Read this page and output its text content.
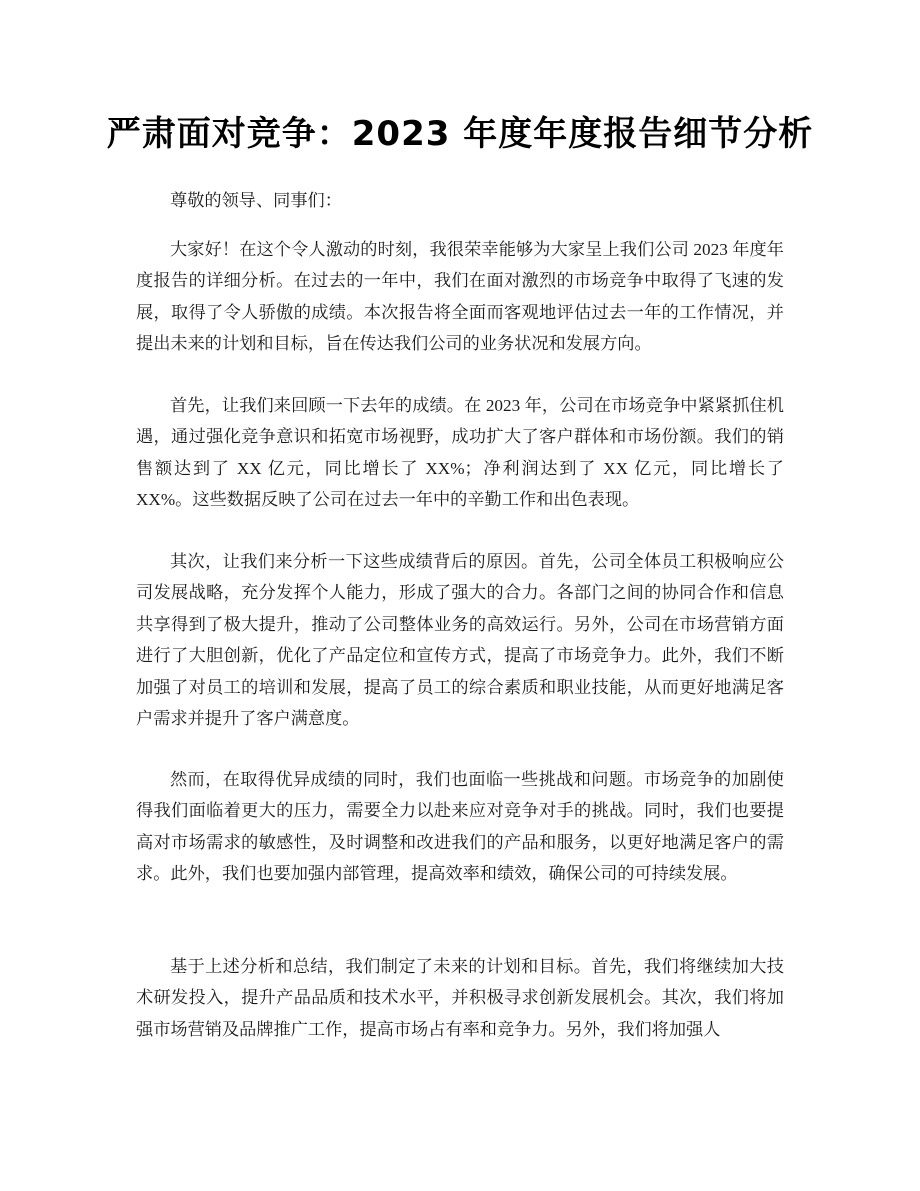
严肃面对竞争：2023 年度年度报告细节分析

尊敬的领导、同事们：

大家好！在这个令人激动的时刻，我很荣幸能够为大家呈上我们公司 2023 年度年度报告的详细分析。在过去的一年中，我们在面对激烈的市场竞争中取得了飞速的发展，取得了令人骄傲的成绩。本次报告将全面而客观地评估过去一年的工作情况，并提出未来的计划和目标，旨在传达我们公司的业务状况和发展方向。

首先，让我们来回顾一下去年的成绩。在 2023 年，公司在市场竞争中紧紧抓住机遇，通过强化竞争意识和拓宽市场视野，成功扩大了客户群体和市场份额。我们的销售额达到了 XX 亿元，同比增长了 XX%；净利润达到了 XX 亿元，同比增长了 XX%。这些数据反映了公司在过去一年中的辛勤工作和出色表现。

其次，让我们来分析一下这些成绩背后的原因。首先，公司全体员工积极响应公司发展战略，充分发挥个人能力，形成了强大的合力。各部门之间的协同合作和信息共享得到了极大提升，推动了公司整体业务的高效运行。另外，公司在市场营销方面进行了大胆创新，优化了产品定位和宣传方式，提高了市场竞争力。此外，我们不断加强了对员工的培训和发展，提高了员工的综合素质和职业技能，从而更好地满足客户需求并提升了客户满意度。

然而，在取得优异成绩的同时，我们也面临一些挑战和问题。市场竞争的加剧使得我们面临着更大的压力，需要全力以赴来应对竞争对手的挑战。同时，我们也要提高对市场需求的敏感性，及时调整和改进我们的产品和服务，以更好地满足客户的需求。此外，我们也要加强内部管理，提高效率和绩效，确保公司的可持续发展。

基于上述分析和总结，我们制定了未来的计划和目标。首先，我们将继续加大技术研发投入，提升产品品质和技术水平，并积极寻求创新发展机会。其次，我们将加强市场营销及品牌推广工作，提高市场占有率和竞争力。另外，我们将加强人
